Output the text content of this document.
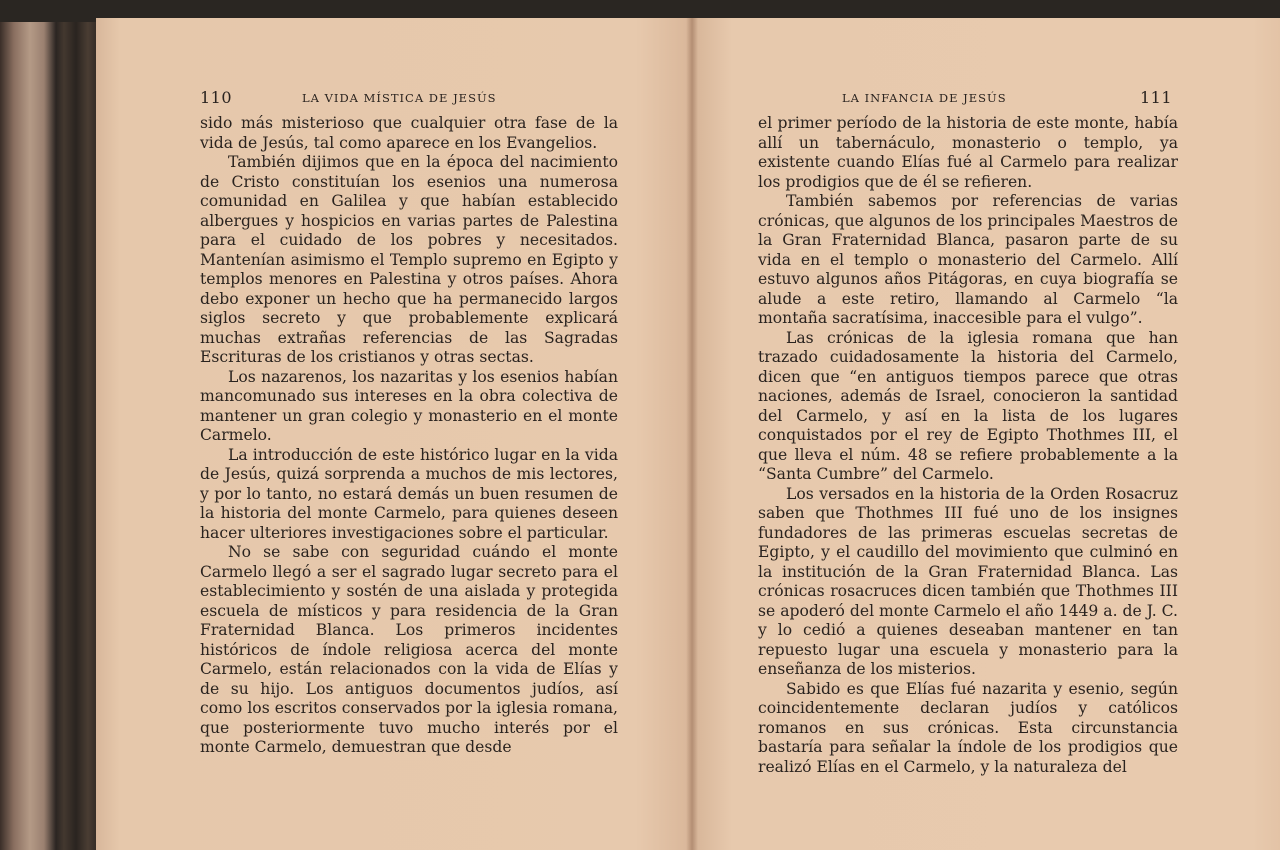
110	LA VIDA MÍSTICA DE JESÚS

sido más misterioso que cualquier otra fase de la vida de Jesús, tal como aparece en los Evangelios.

También dijimos que en la época del nacimiento de Cristo constituían los esenios una numerosa comunidad en Galilea y que habían establecido albergues y hospicios en varias partes de Palestina para el cuidado de los pobres y necesitados. Mantenían asimismo el Templo supremo en Egipto y templos menores en Palestina y otros países. Ahora debo exponer un hecho que ha permanecido largos siglos secreto y que probablemente explicará muchas extrañas referencias de las Sagradas Escrituras de los cristianos y otras sectas.

Los nazarenos, los nazaritas y los esenios habían mancomunado sus intereses en la obra colectiva de mantener un gran colegio y monasterio en el monte Carmelo.

La introducción de este histórico lugar en la vida de Jesús, quizá sorprenda a muchos de mis lectores, y por lo tanto, no estará demás un buen resumen de la historia del monte Carmelo, para quienes deseen hacer ulteriores investigaciones sobre el particular.

No se sabe con seguridad cuándo el monte Carmelo llegó a ser el sagrado lugar secreto para el establecimiento y sostén de una aislada y protegida escuela de místicos y para residencia de la Gran Fraternidad Blanca. Los primeros incidentes históricos de índole religiosa acerca del monte Carmelo, están relacionados con la vida de Elías y de su hijo. Los antiguos documentos judíos, así como los escritos conservados por la iglesia romana, que posteriormente tuvo mucho interés por el monte Carmelo, demuestran que desde

LA INFANCIA DE JESÚS	111

el primer período de la historia de este monte, había allí un tabernáculo, monasterio o templo, ya existente cuando Elías fué al Carmelo para realizar los prodigios que de él se refieren.

También sabemos por referencias de varias crónicas, que algunos de los principales Maestros de la Gran Fraternidad Blanca, pasaron parte de su vida en el templo o monasterio del Carmelo. Allí estuvo algunos años Pitágoras, en cuya biografía se alude a este retiro, llamando al Carmelo “la montaña sacratísima, inaccesible para el vulgo”.

Las crónicas de la iglesia romana que han trazado cuidadosamente la historia del Carmelo, dicen que “en antiguos tiempos parece que otras naciones, además de Israel, conocieron la santidad del Carmelo, y así en la lista de los lugares conquistados por el rey de Egipto Thothmes III, el que lleva el núm. 48 se refiere probablemente a la “Santa Cumbre” del Carmelo.

Los versados en la historia de la Orden Rosacruz saben que Thothmes III fué uno de los insignes fundadores de las primeras escuelas secretas de Egipto, y el caudillo del movimiento que culminó en la institución de la Gran Fraternidad Blanca. Las crónicas rosacruces dicen también que Thothmes III se apoderó del monte Carmelo el año 1449 a. de J. C. y lo cedió a quienes deseaban mantener en tan repuesto lugar una escuela y monasterio para la enseñanza de los misterios.

Sabido es que Elías fué nazarita y esenio, según coincidentemente declaran judíos y católicos romanos en sus crónicas. Esta circunstancia bastaría para señalar la índole de los prodigios que realizó Elías en el Carmelo, y la naturaleza del
